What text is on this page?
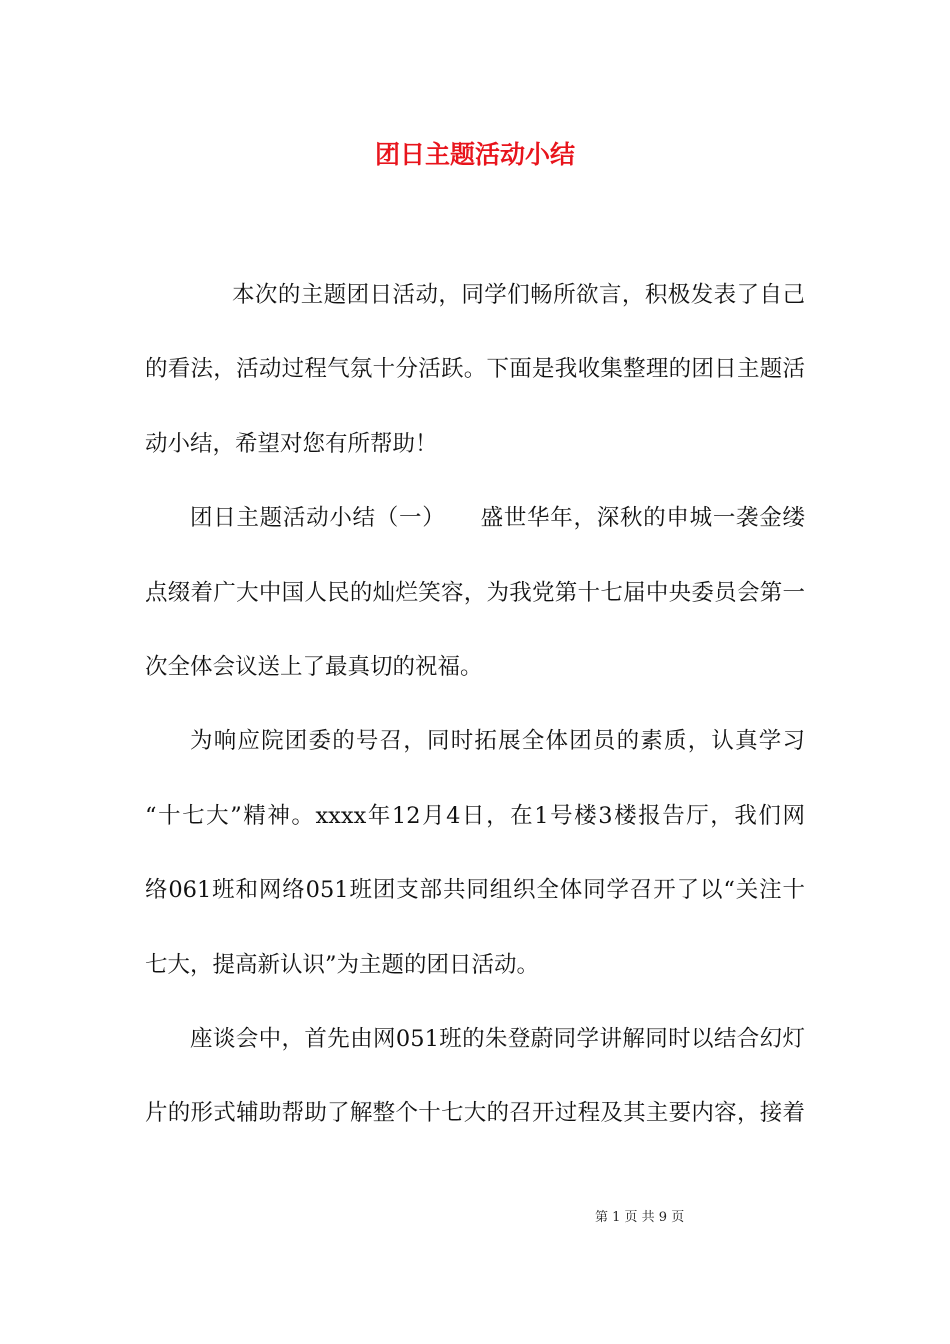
团日主题活动小结
本次的主题团日活动，同学们畅所欲言，积极发表了自己
的看法，活动过程气氛十分活跃。下面是我收集整理的团日主题活
动小结，希望对您有所帮助！
团日主题活动小结（一）　　盛世华年，深秋的申城一袭金缕
点缀着广大中国人民的灿烂笑容，为我党第十七届中央委员会第一
次全体会议送上了最真切的祝福。
为响应院团委的号召，同时拓展全体团员的素质，认真学习
“十七大”精神。xxxx年12月4日，在1号楼3楼报告厅，我们网
络061班和网络051班团支部共同组织全体同学召开了以“关注十
七大，提高新认识”为主题的团日活动。
座谈会中，首先由网051班的朱登蔚同学讲解同时以结合幻灯
片的形式辅助帮助了解整个十七大的召开过程及其主要内容，接着
第 1 页 共 9 页
